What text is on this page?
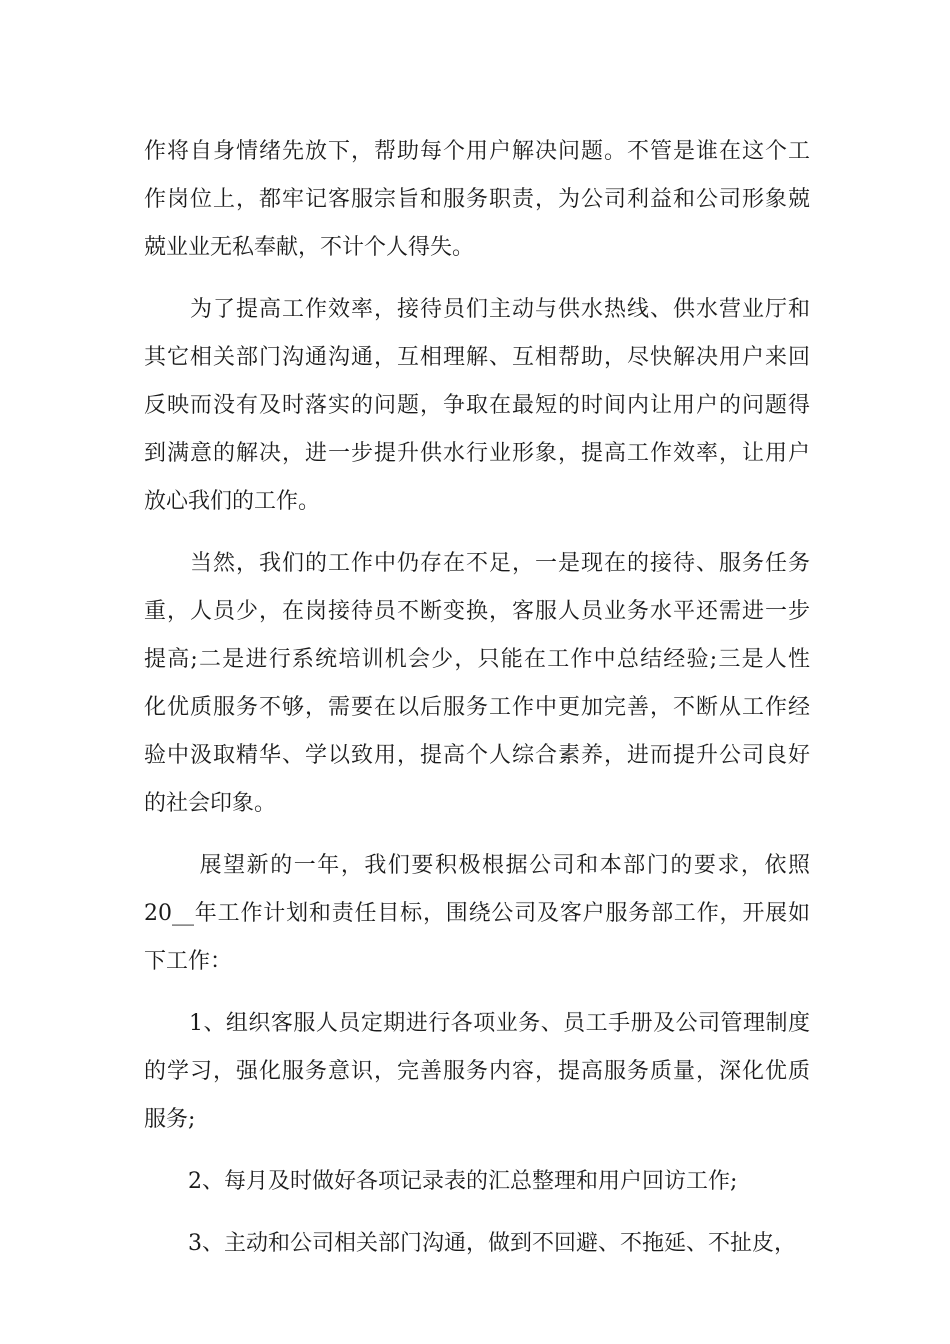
作将自身情绪先放下，帮助每个用户解决问题。不管是谁在这个工
作岗位上，都牢记客服宗旨和服务职责，为公司利益和公司形象兢
兢业业无私奉献，不计个人得失。
　　为了提高工作效率，接待员们主动与供水热线、供水营业厅和
其它相关部门沟通沟通，互相理解、互相帮助，尽快解决用户来回
反映而没有及时落实的问题，争取在最短的时间内让用户的问题得
到满意的解决，进一步提升供水行业形象，提高工作效率，让用户
放心我们的工作。
　　当然，我们的工作中仍存在不足，一是现在的接待、服务任务
重，人员少，在岗接待员不断变换，客服人员业务水平还需进一步
提高;二是进行系统培训机会少，只能在工作中总结经验;三是人性
化优质服务不够，需要在以后服务工作中更加完善，不断从工作经
验中汲取精华、学以致用，提高个人综合素养，进而提升公司良好
的社会印象。
　　 展望新的一年，我们要积极根据公司和本部门的要求，依照
20__年工作计划和责任目标，围绕公司及客户服务部工作，开展如
下工作：
　　1、组织客服人员定期进行各项业务、员工手册及公司管理制度
的学习，强化服务意识，完善服务内容，提高服务质量，深化优质
服务;
　　2、每月及时做好各项记录表的汇总整理和用户回访工作;
　　3、主动和公司相关部门沟通，做到不回避、不拖延、不扯皮，
